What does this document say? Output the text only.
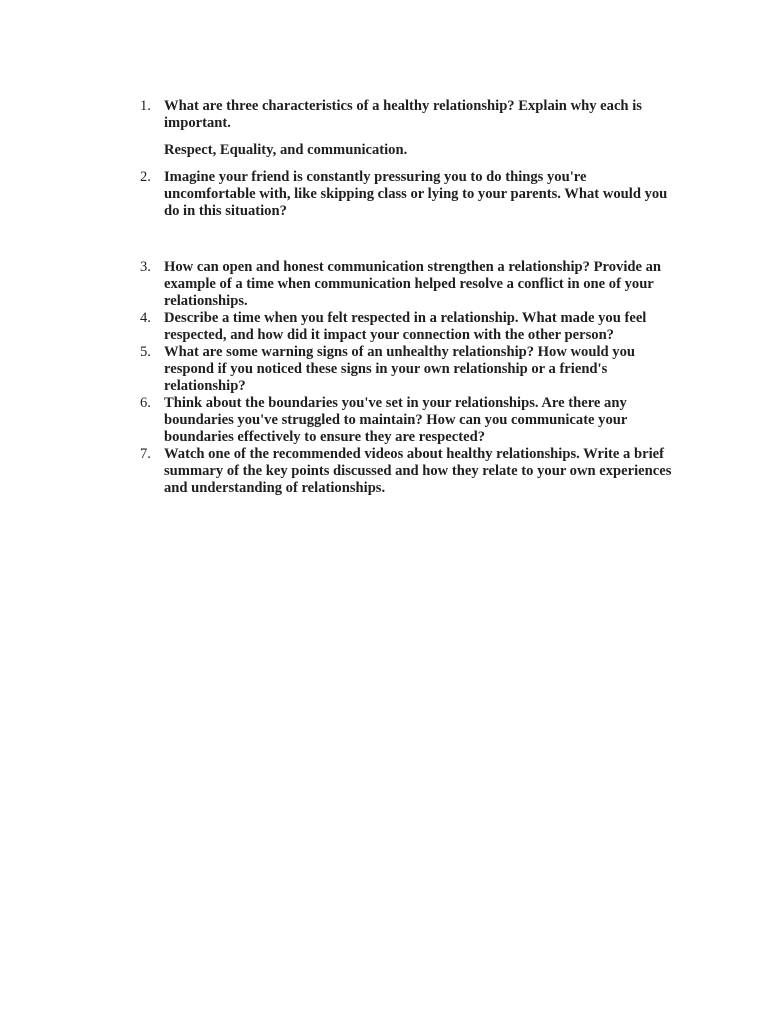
1. What are three characteristics of a healthy relationship? Explain why each is important.
Respect, Equality, and communication.
2. Imagine your friend is constantly pressuring you to do things you're uncomfortable with, like skipping class or lying to your parents. What would you do in this situation?
3. How can open and honest communication strengthen a relationship? Provide an example of a time when communication helped resolve a conflict in one of your relationships.
4. Describe a time when you felt respected in a relationship. What made you feel respected, and how did it impact your connection with the other person?
5. What are some warning signs of an unhealthy relationship? How would you respond if you noticed these signs in your own relationship or a friend's relationship?
6. Think about the boundaries you've set in your relationships. Are there any boundaries you've struggled to maintain? How can you communicate your boundaries effectively to ensure they are respected?
7. Watch one of the recommended videos about healthy relationships. Write a brief summary of the key points discussed and how they relate to your own experiences and understanding of relationships.
